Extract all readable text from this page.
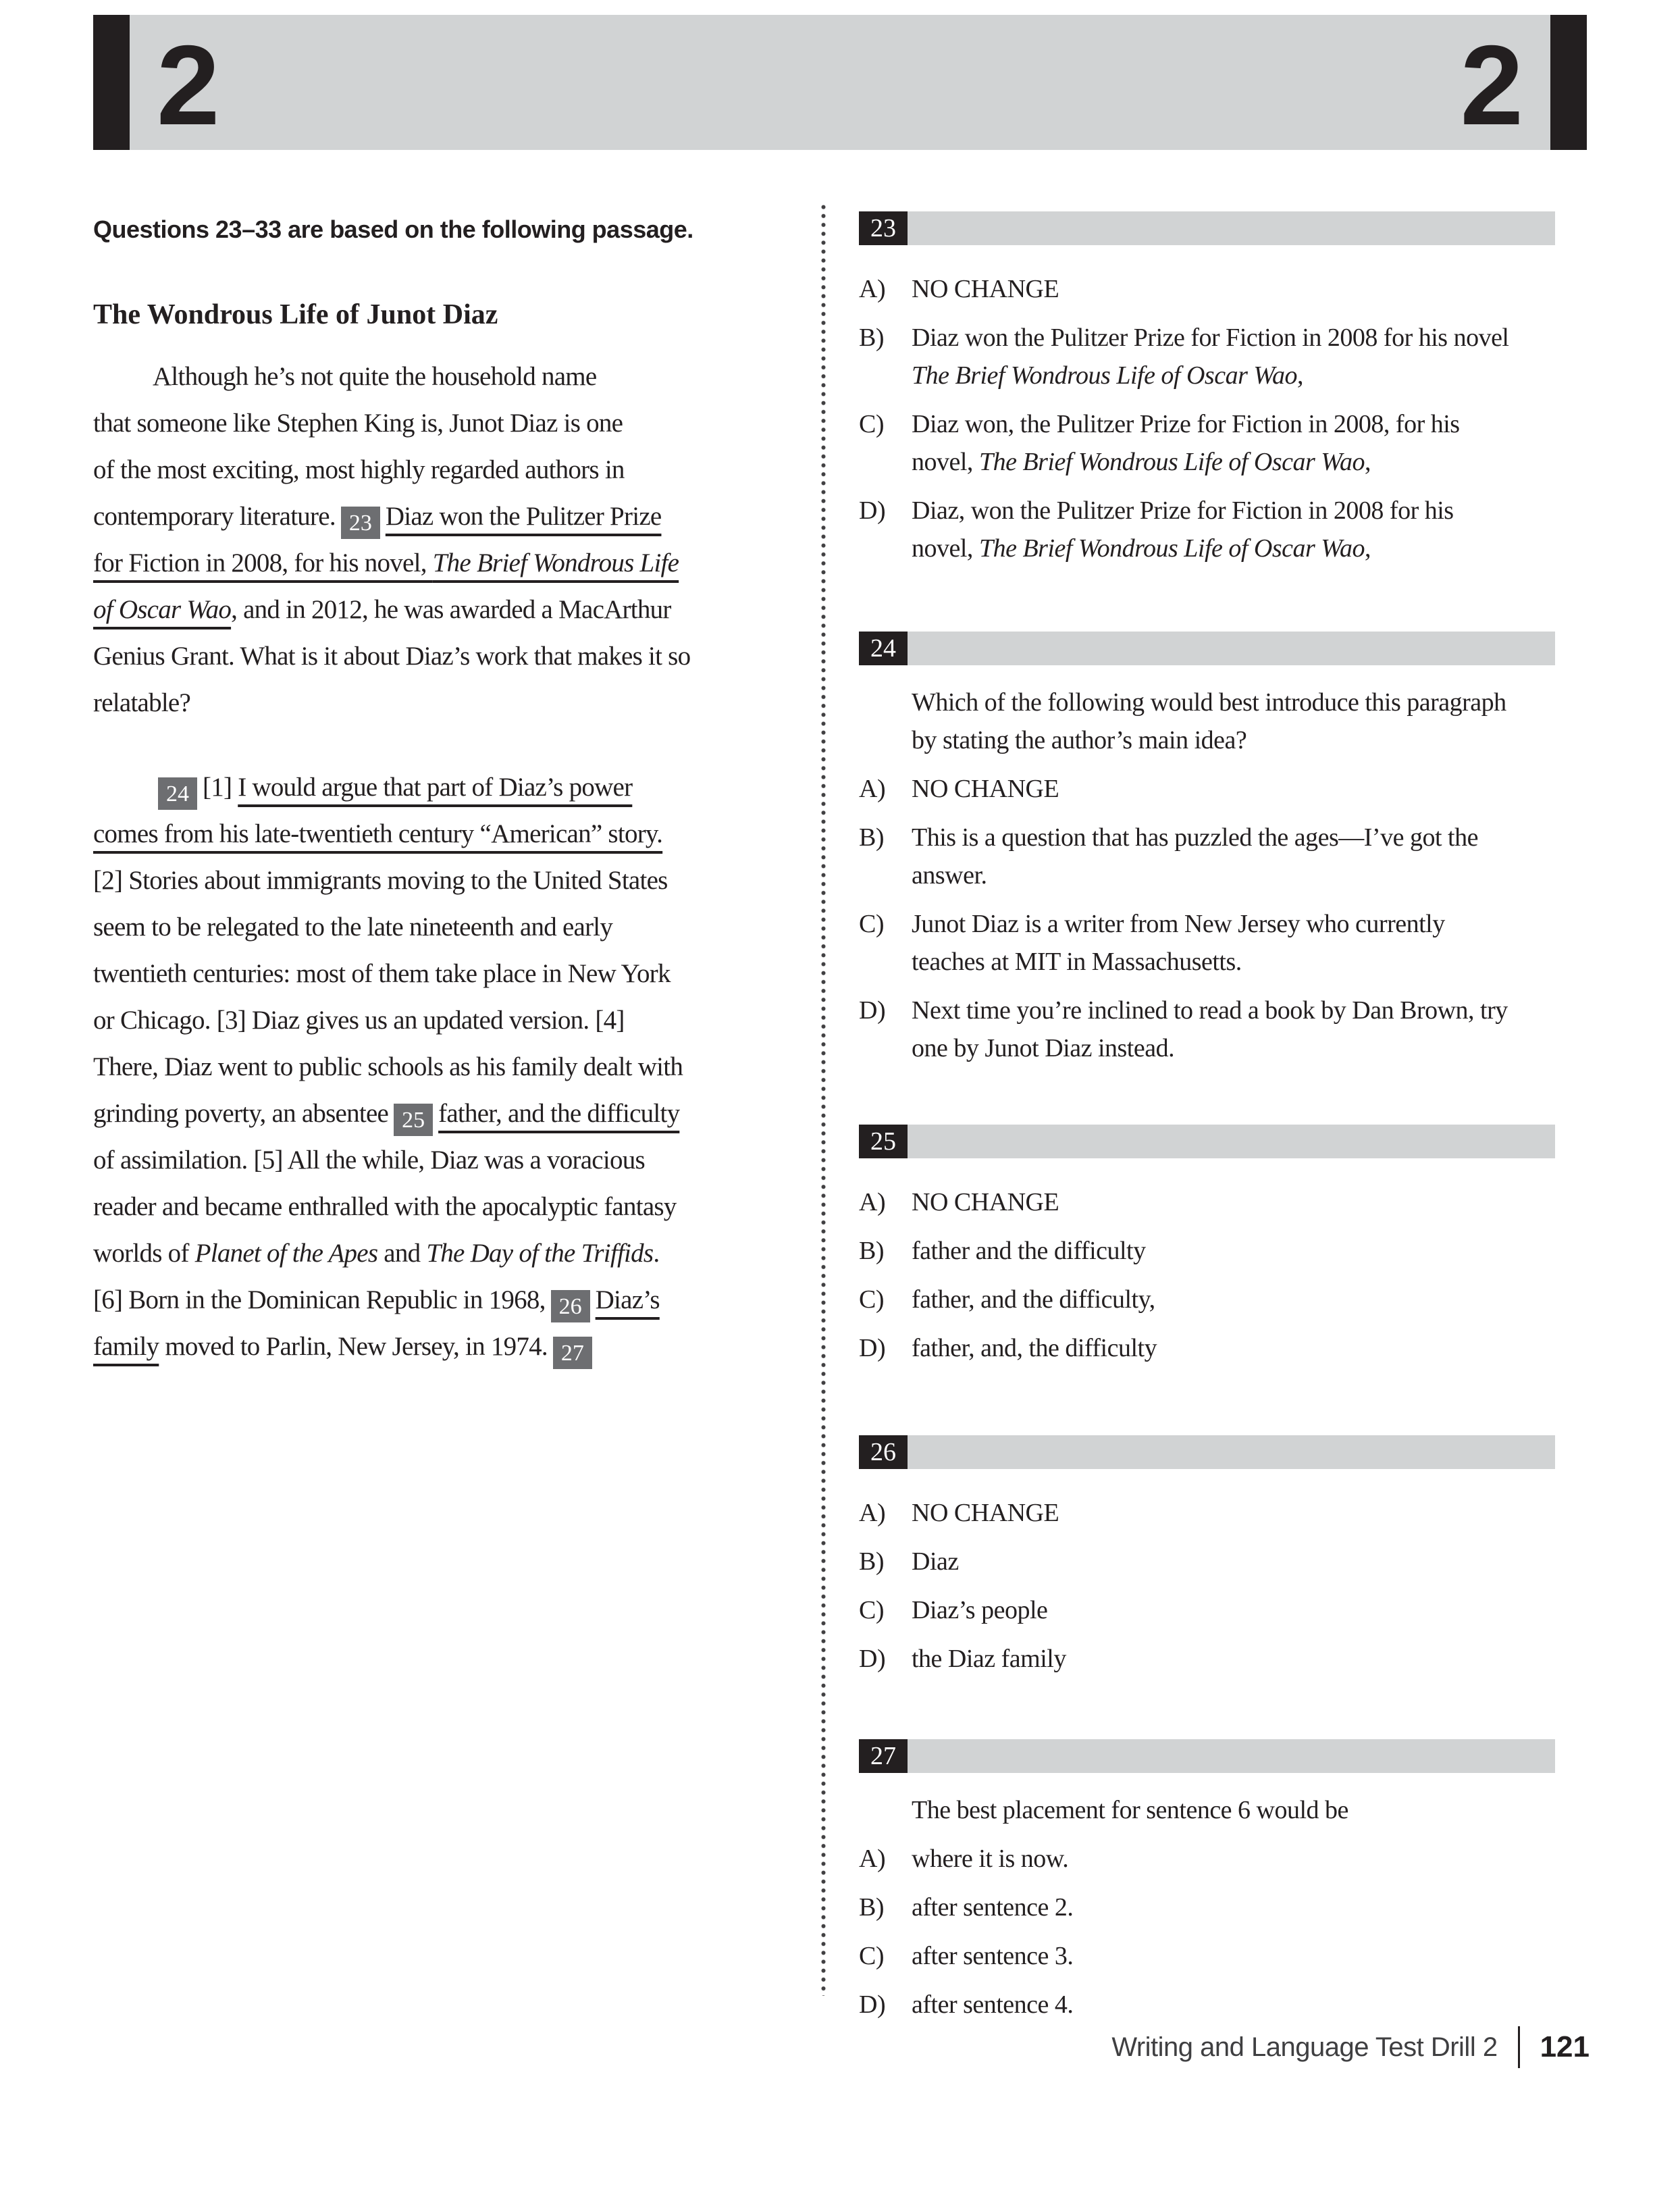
2	2
Questions 23–33 are based on the following passage.
The Wondrous Life of Junot Diaz
Although he’s not quite the household name
that someone like Stephen King is, Junot Diaz is one
of the most exciting, most highly regarded authors in
contemporary literature. 23 Diaz won the Pulitzer Prize
for Fiction in 2008, for his novel, The Brief Wondrous Life
of Oscar Wao, and in 2012, he was awarded a MacArthur
Genius Grant. What is it about Diaz’s work that makes it so
relatable?
24 [1] I would argue that part of Diaz’s power
comes from his late-twentieth century “American” story.
[2] Stories about immigrants moving to the United States
seem to be relegated to the late nineteenth and early
twentieth centuries: most of them take place in New York
or Chicago. [3] Diaz gives us an updated version. [4]
There, Diaz went to public schools as his family dealt with
grinding poverty, an absentee 25 father, and the difficulty
of assimilation. [5] All the while, Diaz was a voracious
reader and became enthralled with the apocalyptic fantasy
worlds of Planet of the Apes and The Day of the Triffids.
[6] Born in the Dominican Republic in 1968, 26 Diaz’s
family moved to Parlin, New Jersey, in 1974. 27
23
A)	NO CHANGE
B)	Diaz won the Pulitzer Prize for Fiction in 2008 for his novel The Brief Wondrous Life of Oscar Wao,
C)	Diaz won, the Pulitzer Prize for Fiction in 2008, for his novel, The Brief Wondrous Life of Oscar Wao,
D)	Diaz, won the Pulitzer Prize for Fiction in 2008 for his novel, The Brief Wondrous Life of Oscar Wao,
24
Which of the following would best introduce this paragraph by stating the author’s main idea?
A)	NO CHANGE
B)	This is a question that has puzzled the ages—I’ve got the answer.
C)	Junot Diaz is a writer from New Jersey who currently teaches at MIT in Massachusetts.
D)	Next time you’re inclined to read a book by Dan Brown, try one by Junot Diaz instead.
25
A)	NO CHANGE
B)	father and the difficulty
C)	father, and the difficulty,
D)	father, and, the difficulty
26
A)	NO CHANGE
B)	Diaz
C)	Diaz’s people
D)	the Diaz family
27
The best placement for sentence 6 would be
A)	where it is now.
B)	after sentence 2.
C)	after sentence 3.
D)	after sentence 4.
Writing and Language Test Drill 2 121
